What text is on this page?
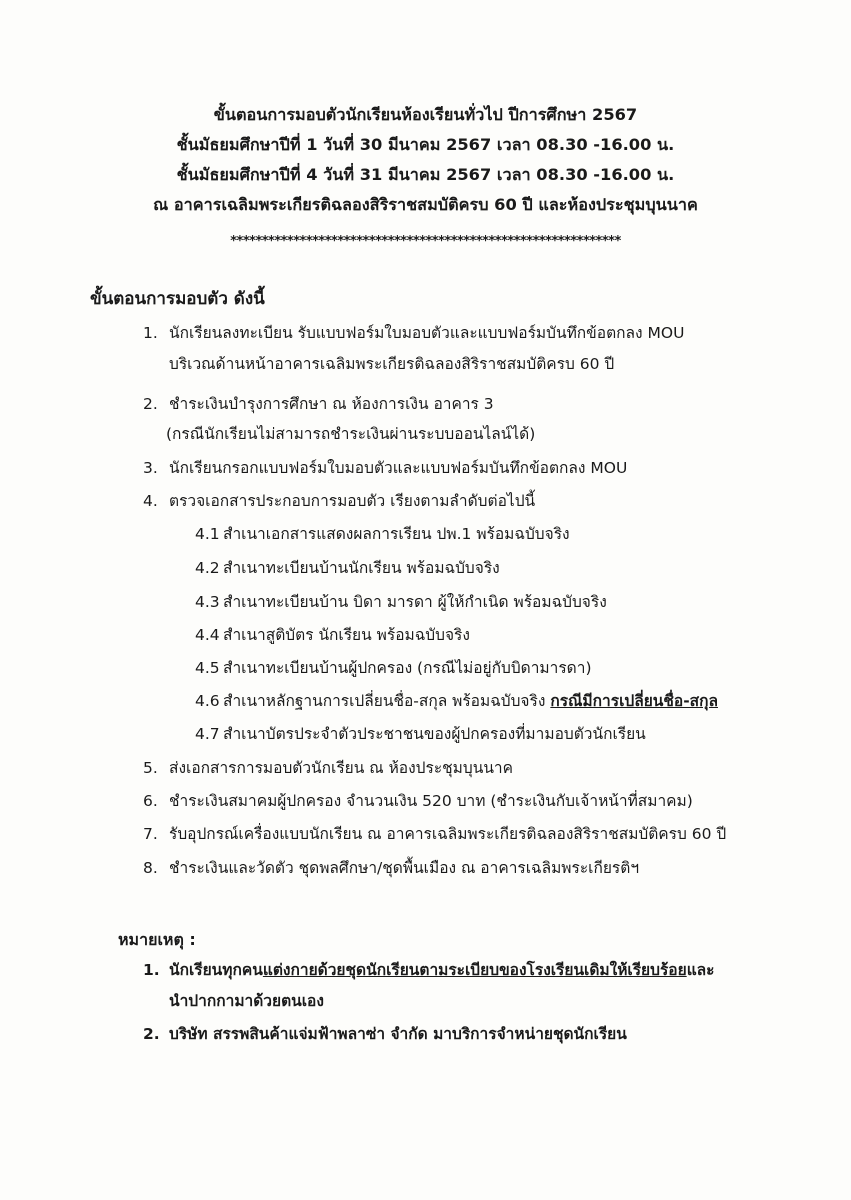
ขั้นตอนการมอบตัวนักเรียนห้องเรียนทั่วไป ปีการศึกษา 2567
ชั้นมัธยมศึกษาปีที่ 1 วันที่ 30 มีนาคม 2567 เวลา 08.30 -16.00 น.
ชั้นมัธยมศึกษาปีที่ 4 วันที่ 31 มีนาคม 2567 เวลา 08.30 -16.00 น.
ณ อาคารเฉลิมพระเกียรติฉลองสิริราชสมบัติครบ 60 ปี และห้องประชุมบุนนาค
**************************************************************
ขั้นตอนการมอบตัว ดังนี้
1. นักเรียนลงทะเบียน รับแบบฟอร์มใบมอบตัวและแบบฟอร์มบันทึกข้อตกลง MOU
บริเวณด้านหน้าอาคารเฉลิมพระเกียรติฉลองสิริราชสมบัติครบ 60 ปี
2. ชำระเงินบำรุงการศึกษา ณ ห้องการเงิน อาคาร 3
(กรณีนักเรียนไม่สามารถชำระเงินผ่านระบบออนไลน์ได้)
3. นักเรียนกรอกแบบฟอร์มใบมอบตัวและแบบฟอร์มบันทึกข้อตกลง MOU
4. ตรวจเอกสารประกอบการมอบตัว เรียงตามลำดับต่อไปนี้
4.1 สำเนาเอกสารแสดงผลการเรียน ปพ.1 พร้อมฉบับจริง
4.2 สำเนาทะเบียนบ้านนักเรียน พร้อมฉบับจริง
4.3 สำเนาทะเบียนบ้าน บิดา มารดา ผู้ให้กำเนิด พร้อมฉบับจริง
4.4 สำเนาสูติบัตร นักเรียน พร้อมฉบับจริง
4.5 สำเนาทะเบียนบ้านผู้ปกครอง (กรณีไม่อยู่กับบิดามารดา)
4.6 สำเนาหลักฐานการเปลี่ยนชื่อ-สกุล พร้อมฉบับจริง กรณีมีการเปลี่ยนชื่อ-สกุล
4.7 สำเนาบัตรประจำตัวประชาชนของผู้ปกครองที่มามอบตัวนักเรียน
5. ส่งเอกสารการมอบตัวนักเรียน ณ ห้องประชุมบุนนาค
6. ชำระเงินสมาคมผู้ปกครอง จำนวนเงิน 520 บาท (ชำระเงินกับเจ้าหน้าที่สมาคม)
7. รับอุปกรณ์เครื่องแบบนักเรียน ณ อาคารเฉลิมพระเกียรติฉลองสิริราชสมบัติครบ 60 ปี
8. ชำระเงินและวัดตัว ชุดพลศึกษา/ชุดพื้นเมือง ณ อาคารเฉลิมพระเกียรติฯ
หมายเหตุ :
1. นักเรียนทุกคนแต่งกายด้วยชุดนักเรียนตามระเบียบของโรงเรียนเดิมให้เรียบร้อยและ
นำปากกามาด้วยตนเอง
2. บริษัท สรรพสินค้าแจ่มฟ้าพลาซ่า จำกัด มาบริการจำหน่ายชุดนักเรียน
